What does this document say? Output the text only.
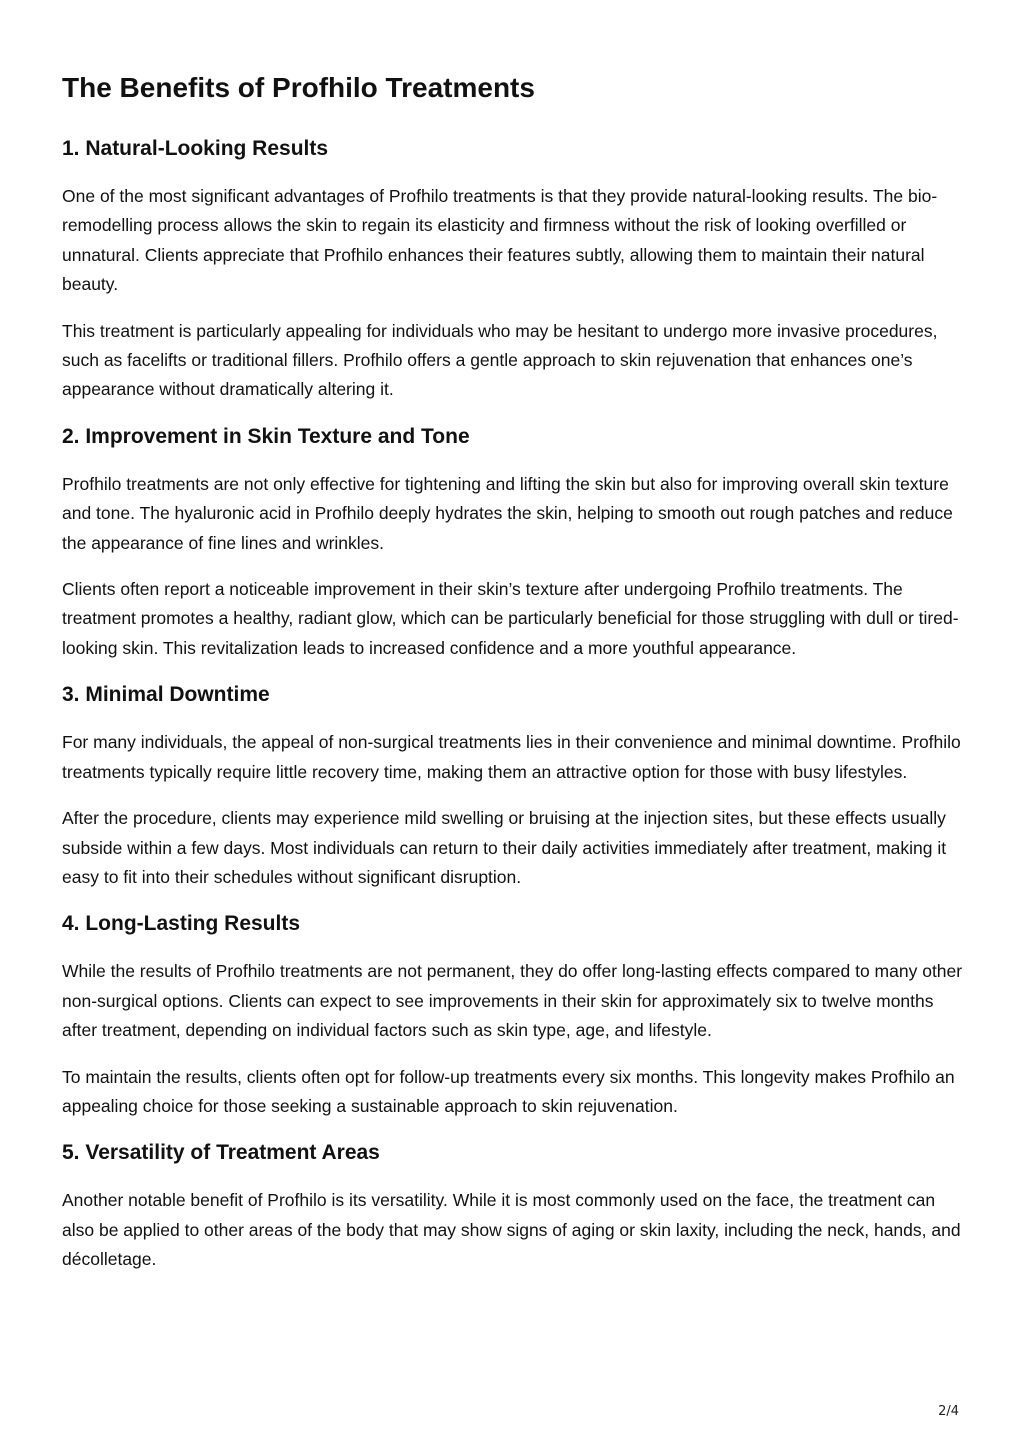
The Benefits of Profhilo Treatments
1. Natural-Looking Results

One of the most significant advantages of Profhilo treatments is that they provide natural-looking results. The bio-remodelling process allows the skin to regain its elasticity and firmness without the risk of looking overfilled or unnatural. Clients appreciate that Profhilo enhances their features subtly, allowing them to maintain their natural beauty.

This treatment is particularly appealing for individuals who may be hesitant to undergo more invasive procedures, such as facelifts or traditional fillers. Profhilo offers a gentle approach to skin rejuvenation that enhances one’s appearance without dramatically altering it.

2. Improvement in Skin Texture and Tone

Profhilo treatments are not only effective for tightening and lifting the skin but also for improving overall skin texture and tone. The hyaluronic acid in Profhilo deeply hydrates the skin, helping to smooth out rough patches and reduce the appearance of fine lines and wrinkles.

Clients often report a noticeable improvement in their skin’s texture after undergoing Profhilo treatments. The treatment promotes a healthy, radiant glow, which can be particularly beneficial for those struggling with dull or tired-looking skin. This revitalization leads to increased confidence and a more youthful appearance.

3. Minimal Downtime

For many individuals, the appeal of non-surgical treatments lies in their convenience and minimal downtime. Profhilo treatments typically require little recovery time, making them an attractive option for those with busy lifestyles.

After the procedure, clients may experience mild swelling or bruising at the injection sites, but these effects usually subside within a few days. Most individuals can return to their daily activities immediately after treatment, making it easy to fit into their schedules without significant disruption.

4. Long-Lasting Results

While the results of Profhilo treatments are not permanent, they do offer long-lasting effects compared to many other non-surgical options. Clients can expect to see improvements in their skin for approximately six to twelve months after treatment, depending on individual factors such as skin type, age, and lifestyle.

To maintain the results, clients often opt for follow-up treatments every six months. This longevity makes Profhilo an appealing choice for those seeking a sustainable approach to skin rejuvenation.

5. Versatility of Treatment Areas

Another notable benefit of Profhilo is its versatility. While it is most commonly used on the face, the treatment can also be applied to other areas of the body that may show signs of aging or skin laxity, including the neck, hands, and décolletage.

2/4
